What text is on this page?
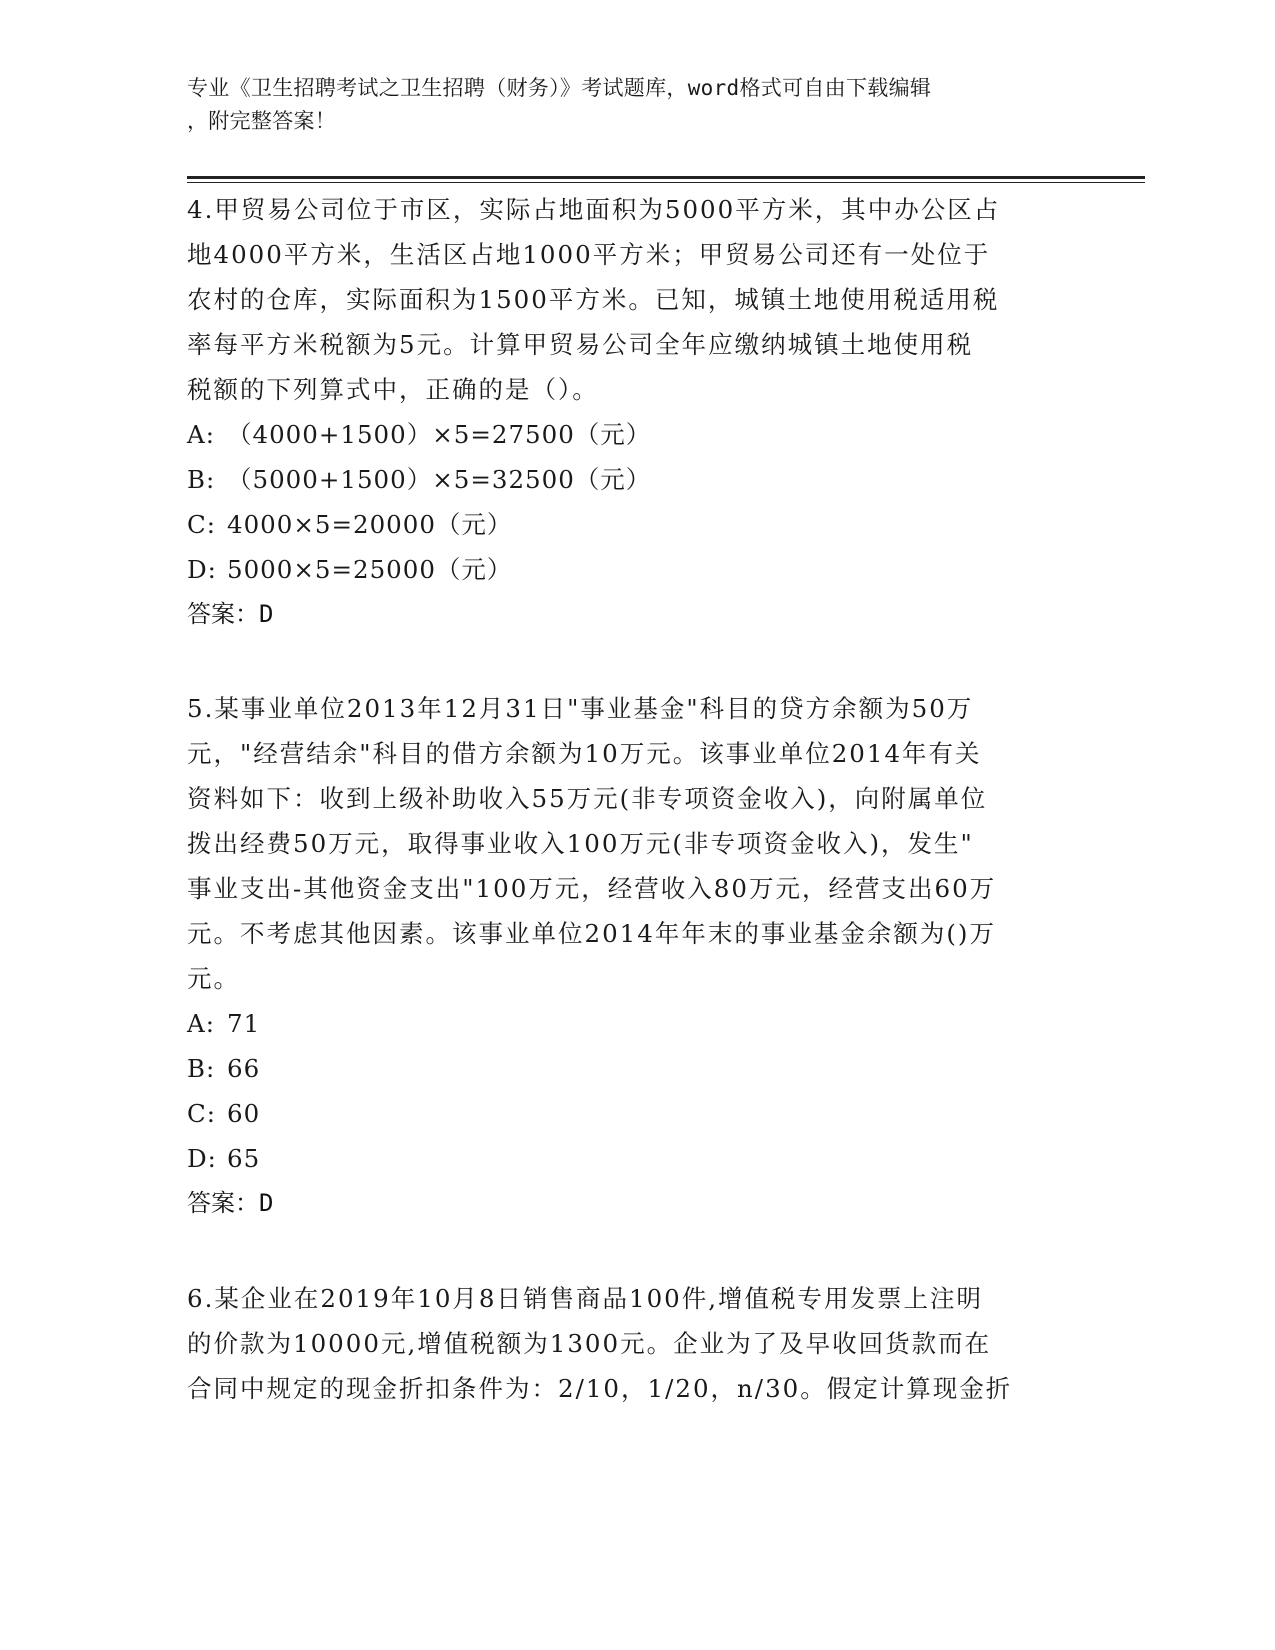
专业《卫生招聘考试之卫生招聘（财务）》考试题库，word格式可自由下载编辑
，附完整答案！
4.甲贸易公司位于市区，实际占地面积为5000平方米，其中办公区占
地4000平方米，生活区占地1000平方米；甲贸易公司还有一处位于
农村的仓库，实际面积为1500平方米。已知，城镇土地使用税适用税
率每平方米税额为5元。计算甲贸易公司全年应缴纳城镇土地使用税
税额的下列算式中，正确的是（）。
A: （4000+1500）×5=27500（元）
B: （5000+1500）×5=32500（元）
C: 4000×5=20000（元）
D: 5000×5=25000（元）
答案：D
5.某事业单位2013年12月31日"事业基金"科目的贷方余额为50万
元，"经营结余"科目的借方余额为10万元。该事业单位2014年有关
资料如下：收到上级补助收入55万元(非专项资金收入)，向附属单位
拨出经费50万元，取得事业收入100万元(非专项资金收入)，发生"
事业支出-其他资金支出"100万元，经营收入80万元，经营支出60万
元。不考虑其他因素。该事业单位2014年年末的事业基金余额为()万
元。
A: 71
B: 66
C: 60
D: 65
答案：D
6.某企业在2019年10月8日销售商品100件,增值税专用发票上注明
的价款为10000元,增值税额为1300元。企业为了及早收回货款而在
合同中规定的现金折扣条件为：2/10，1/20，n/30。假定计算现金折
